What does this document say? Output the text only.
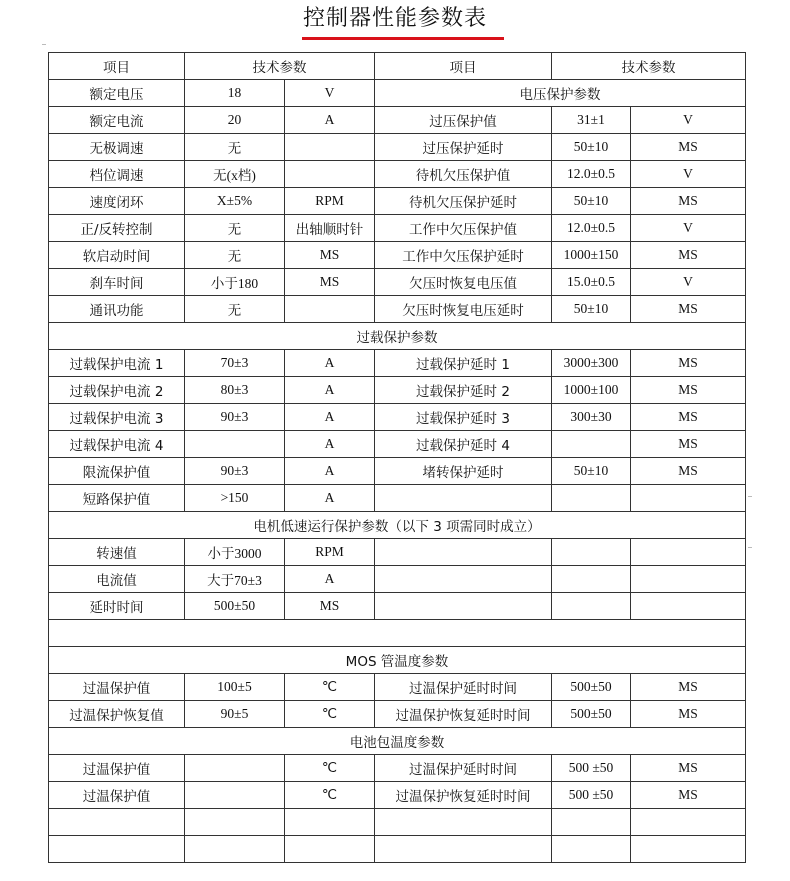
控制器性能参数表
项目	技术参数		项目	技术参数	
额定电压	18	V	电压保护参数		
额定电流	20	A	过压保护值	31±1	V
无极调速	无		过压保护延时	50±10	MS
档位调速	无(x档)		待机欠压保护值	12.0±0.5	V
速度闭环	X±5%	RPM	待机欠压保护延时	50±10	MS
正/反转控制	无	出轴顺时针	工作中欠压保护值	12.0±0.5	V
软启动时间	无	MS	工作中欠压保护延时	1000±150	MS
刹车时间	小于180	MS	欠压时恢复电压值	15.0±0.5	V
通讯功能	无		欠压时恢复电压延时	50±10	MS
过载保护参数					
过载保护电流 1	70±3	A	过载保护延时 1	3000±300	MS
过载保护电流 2	80±3	A	过载保护延时 2	1000±100	MS
过载保护电流 3	90±3	A	过载保护延时 3	300±30	MS
过载保护电流 4		A	过载保护延时 4		MS
限流保护值	90±3	A	堵转保护延时	50±10	MS
短路保护值	>150	A			
电机低速运行保护参数（以下 3 项需同时成立）					
转速值	小于3000	RPM			
电流值	大于70±3	A			
延时时间	500±50	MS			

MOS 管温度参数					
过温保护值	100±5	℃	过温保护延时时间	500±50	MS
过温保护恢复值	90±5	℃	过温保护恢复延时时间	500±50	MS
电池包温度参数					
过温保护值		℃	过温保护延时时间	500 ±50	MS
过温保护值		℃	过温保护恢复延时时间	500 ±50	MS
